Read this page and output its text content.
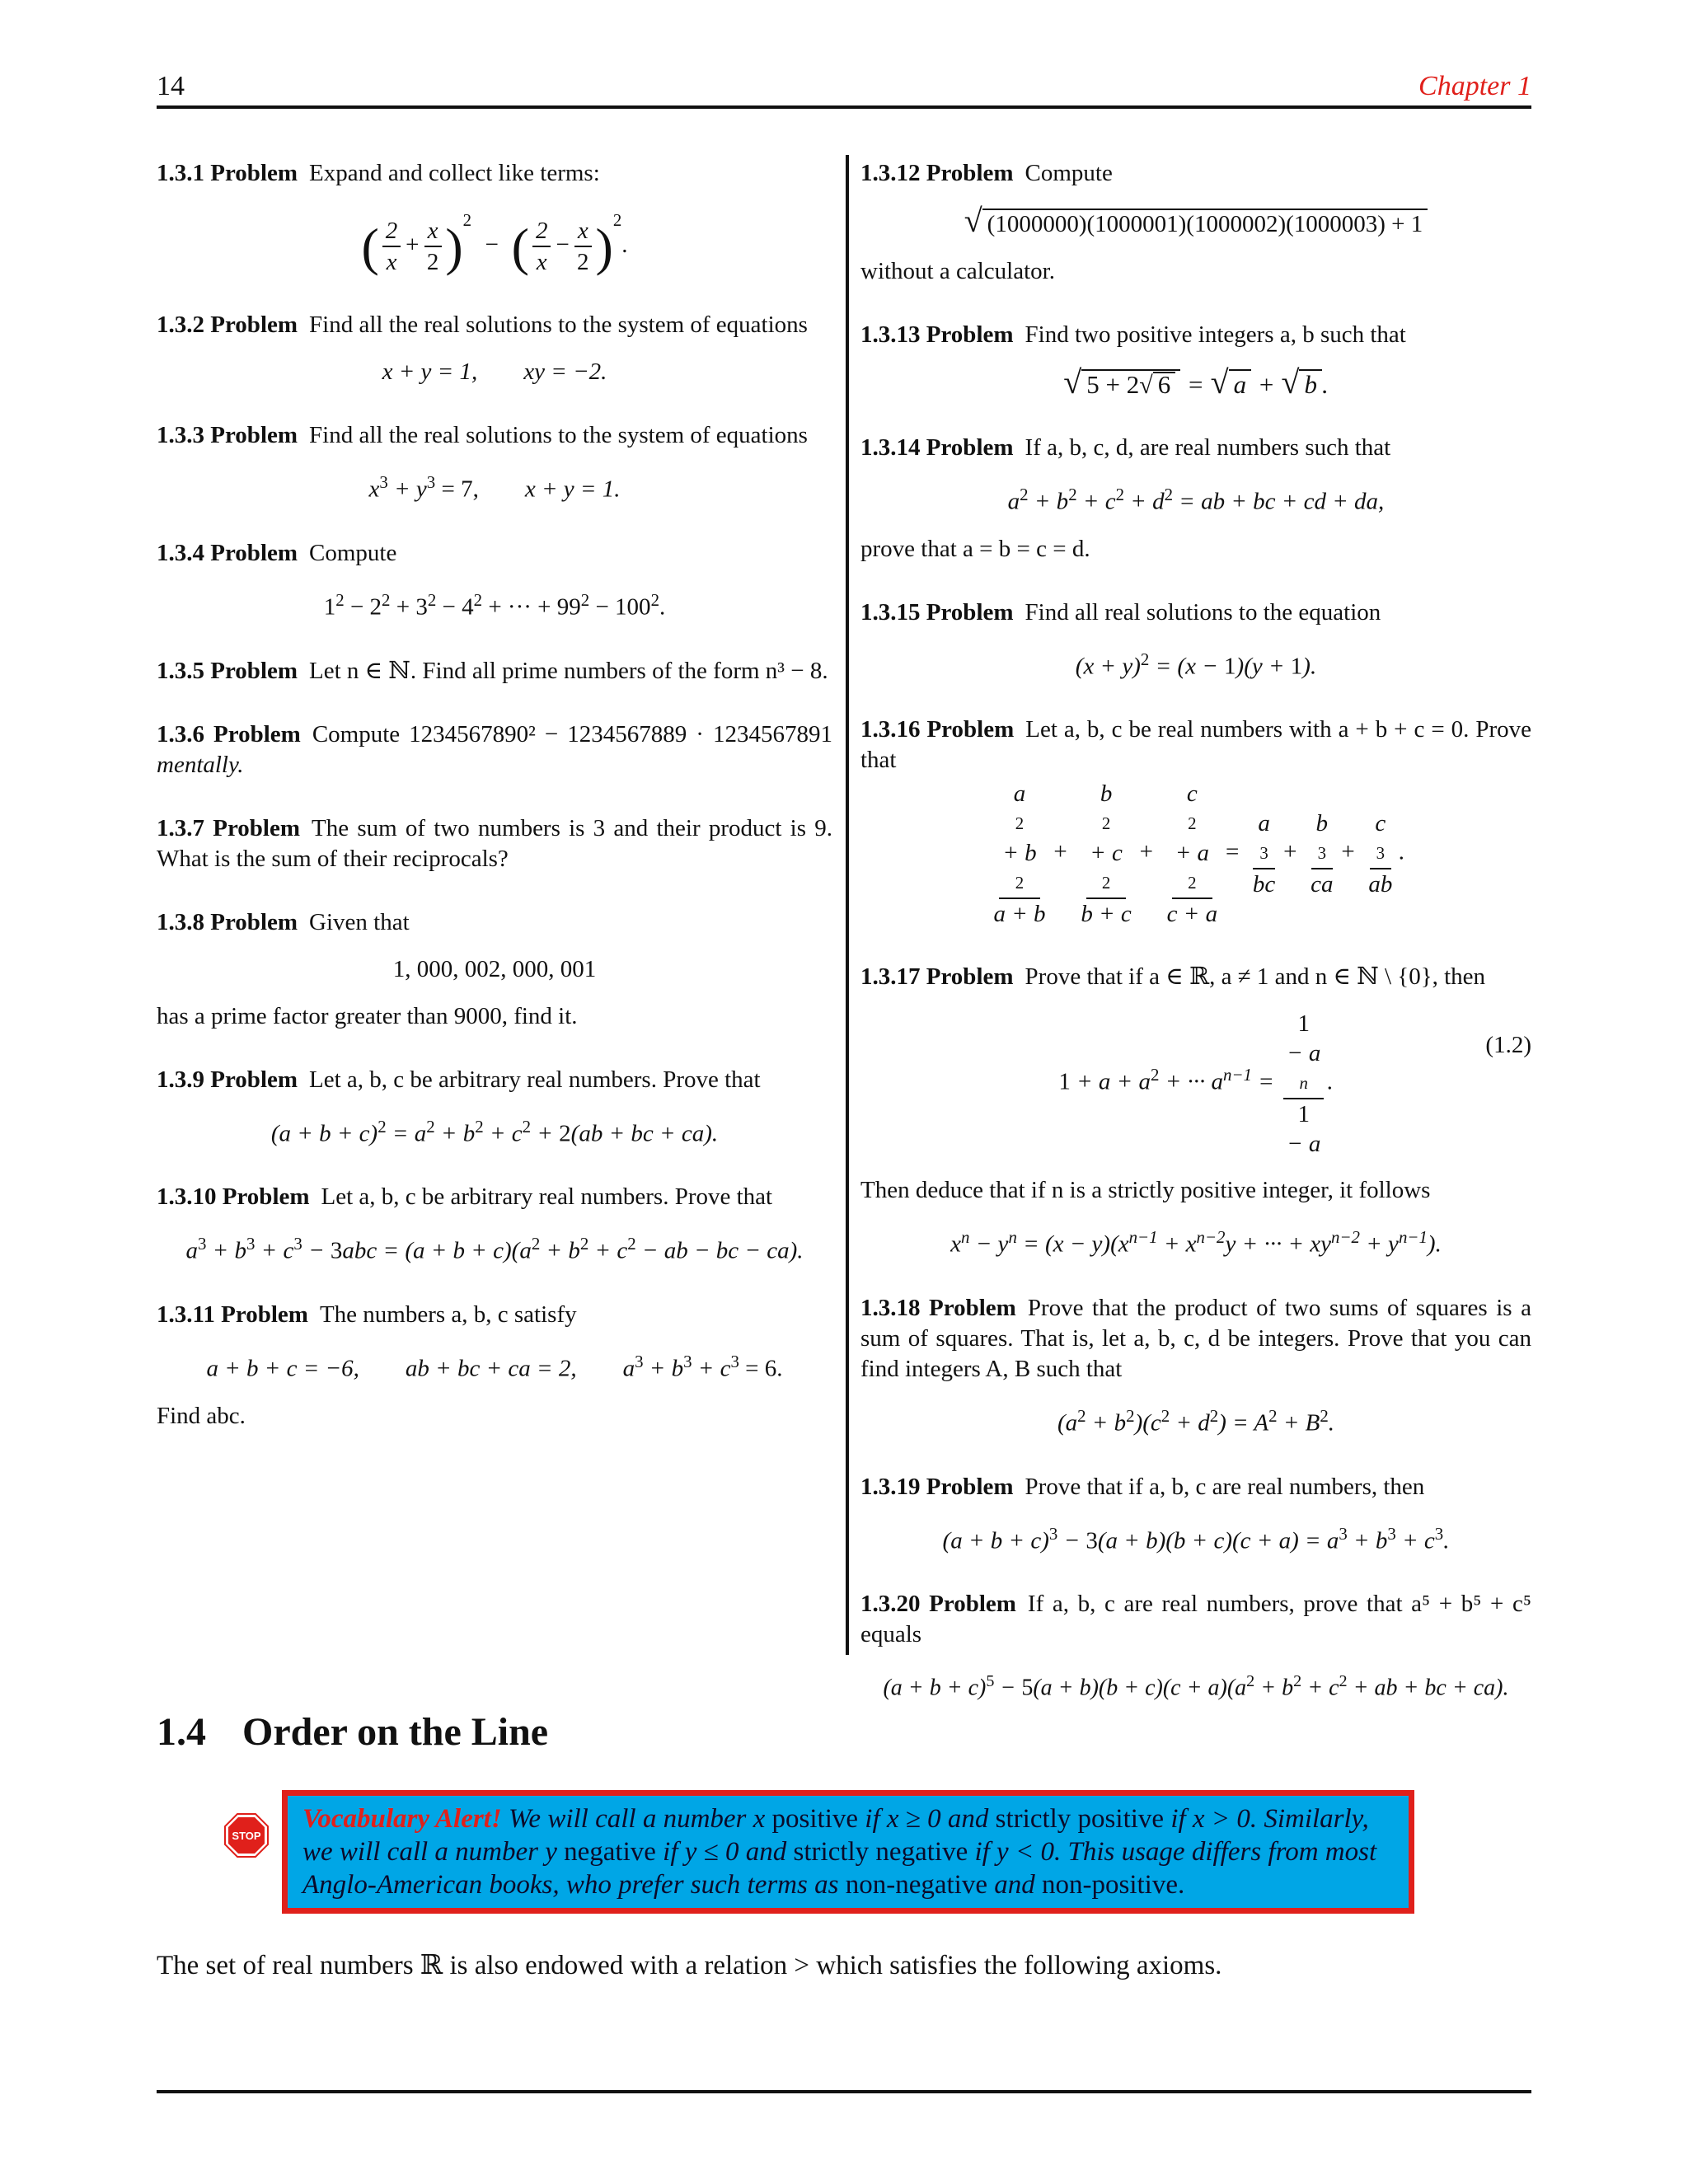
14	Chapter 1

1.3.1 Problem Expand and collect like terms:

( $\frac{2}{x} + \frac{x}{2} )^2$  −  ( $\frac{2}{x} - \frac{x}{2} )^2$.

1.3.2 Problem Find all the real solutions to the system of equations

x + y = 1, xy = −2.

1.3.3 Problem Find all the real solutions to the system of equations

$x^3 + y^3 = 7$, x + y = 1.

1.3.4 Problem Compute

$1^2 - 2^2 + 3^2 - 4^2$ + ··· + $99^2 - 100^2$.

1.3.5 Problem Let n ∈ ℕ. Find all prime numbers of the form n³ − 8.

1.3.6 Problem Compute 1234567890² − 1234567889 · 1234567891 mentally.

1.3.7 Problem The sum of two numbers is 3 and their product is 9. What is the sum of their reciprocals?

1.3.8 Problem Given that

1, 000, 002, 000, 001

has a prime factor greater than 9000, find it.

1.3.9 Problem Let a, b, c be arbitrary real numbers. Prove that

$(a + b + c)^2 = a^2 + b^2 + c^2 + 2(ab$ + bc + ca).

1.3.10 Problem Let a, b, c be arbitrary real numbers. Prove that

$a^3 + b^3 + c^3 - 3abc = (a + b + c)(a^2 + b^2 + c^2$ − ab − bc − ca).

1.3.11 Problem The numbers a, b, c satisfy

a + b + c = −6, ab + bc + ca = 2, $a^3 + b^3 + c^3 = 6$.

Find abc.

1.3.12 Problem Compute

√ (1000000)(1000001)(1000002)(1000003) + 1

without a calculator.

1.3.13 Problem Find two positive integers a, b such that

√ 5 + 2√ 6 = √ a + √ b .

1.3.14 Problem If a, b, c, d, are real numbers such that

$a^2 + b^2 + c^2 + d^2$ = ab + bc + cd + da,

prove that a = b = c = d.

1.3.15 Problem Find all real solutions to the equation

$(x + y)^2 = (x - 1)(y + 1)$.

1.3.16 Problem Let a, b, c be real numbers with a + b + c = 0. Prove that

a
2
+ b
2
a + b + b
2
+ c
2
b + c + c
2
+ a
2
c + a = a
3
bc + b
3
ca + c
3
ab .

1.3.17 Problem Prove that if a ∈ ℝ, a ≠ 1 and n ∈ ℕ \ {0}, then

$1 + a + a^2$ + ··· $a^{n-1} = 1$
− a
n
1
− a .
(1.2)

Then deduce that if n is a strictly positive integer, it follows

$x^n - y^n = (x - y)(x^{n-1} + x^{n-2}y$ + ··· + $xy^{n-2} + y^{n-1}$).

1.3.18 Problem Prove that the product of two sums of squares is a sum of squares. That is, let a, b, c, d be integers. Prove that you can find integers A, B such that

$(a^2 + b^2)(c^2 + d^2) = A^2 + B^2$.

1.3.19 Problem Prove that if a, b, c are real numbers, then

$(a + b + c)^3 - 3(a + b)(b + c)(c + a) = a^3 + b^3 + c^3$.

1.3.20 Problem If a, b, c are real numbers, prove that a⁵ + b⁵ + c⁵ equals

$(a + b + c)^5 - 5(a + b)(b + c)(c + a)(a^2 + b^2 + c^2$ + ab + bc + ca).
1.4 Order on the Line
STOP
Vocabulary Alert! We will call a number x positive if x ≥ 0 and strictly positive if x > 0. Similarly, we will call a number y negative if y ≤ 0 and strictly negative if y < 0. This usage differs from most Anglo-American books, who prefer such terms as non-negative and non-positive.
The set of real numbers ℝ is also endowed with a relation > which satisfies the following axioms.
